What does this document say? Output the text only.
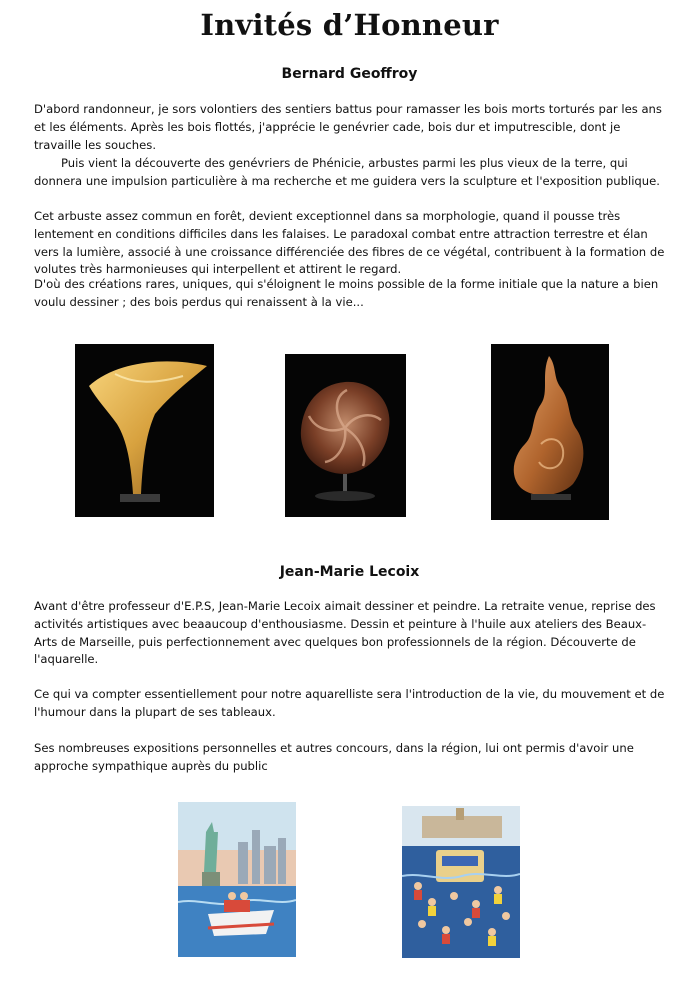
Invités d’Honneur
Bernard Geoffroy

D'abord randonneur, je sors volontiers des sentiers battus pour ramasser les bois morts torturés par les ans et les éléments. Après les bois flottés, j'apprécie le genévrier cade, bois dur et imputrescible, dont je travaille les souches.

Puis vient la découverte des genévriers de Phénicie, arbustes parmi les plus vieux de la terre, qui donnera une impulsion particulière à ma recherche et me guidera vers la sculpture et l'exposition publique.

Cet arbuste assez commun en forêt, devient exceptionnel dans sa morphologie, quand il pousse très lentement en conditions difficiles dans les falaises. Le paradoxal combat entre attraction terrestre et élan vers la lumière, associé à une croissance différenciée des fibres de ce végétal, contribuent à la formation de volutes très harmonieuses qui interpellent et attirent le regard.

D'où des créations rares, uniques, qui s'éloignent le moins possible de la forme initiale que la nature a bien voulu dessiner ; des bois perdus qui renaissent à la vie...

Jean-Marie Lecoix

Avant d'être professeur d'E.P.S, Jean-Marie Lecoix aimait dessiner et peindre. La retraite venue, reprise des activités artistiques avec beaaucoup d'enthousiasme. Dessin et peinture à l'huile aux ateliers des Beaux-Arts de Marseille, puis perfectionnement avec quelques bon professionnels de la région. Découverte de l'aquarelle.

Ce qui va compter essentiellement pour notre aquarelliste sera l'introduction de la vie, du mouvement et de l'humour dans la plupart de ses tableaux.

Ses nombreuses expositions personnelles et autres concours, dans la région, lui ont permis d'avoir une approche sympathique auprès du public
